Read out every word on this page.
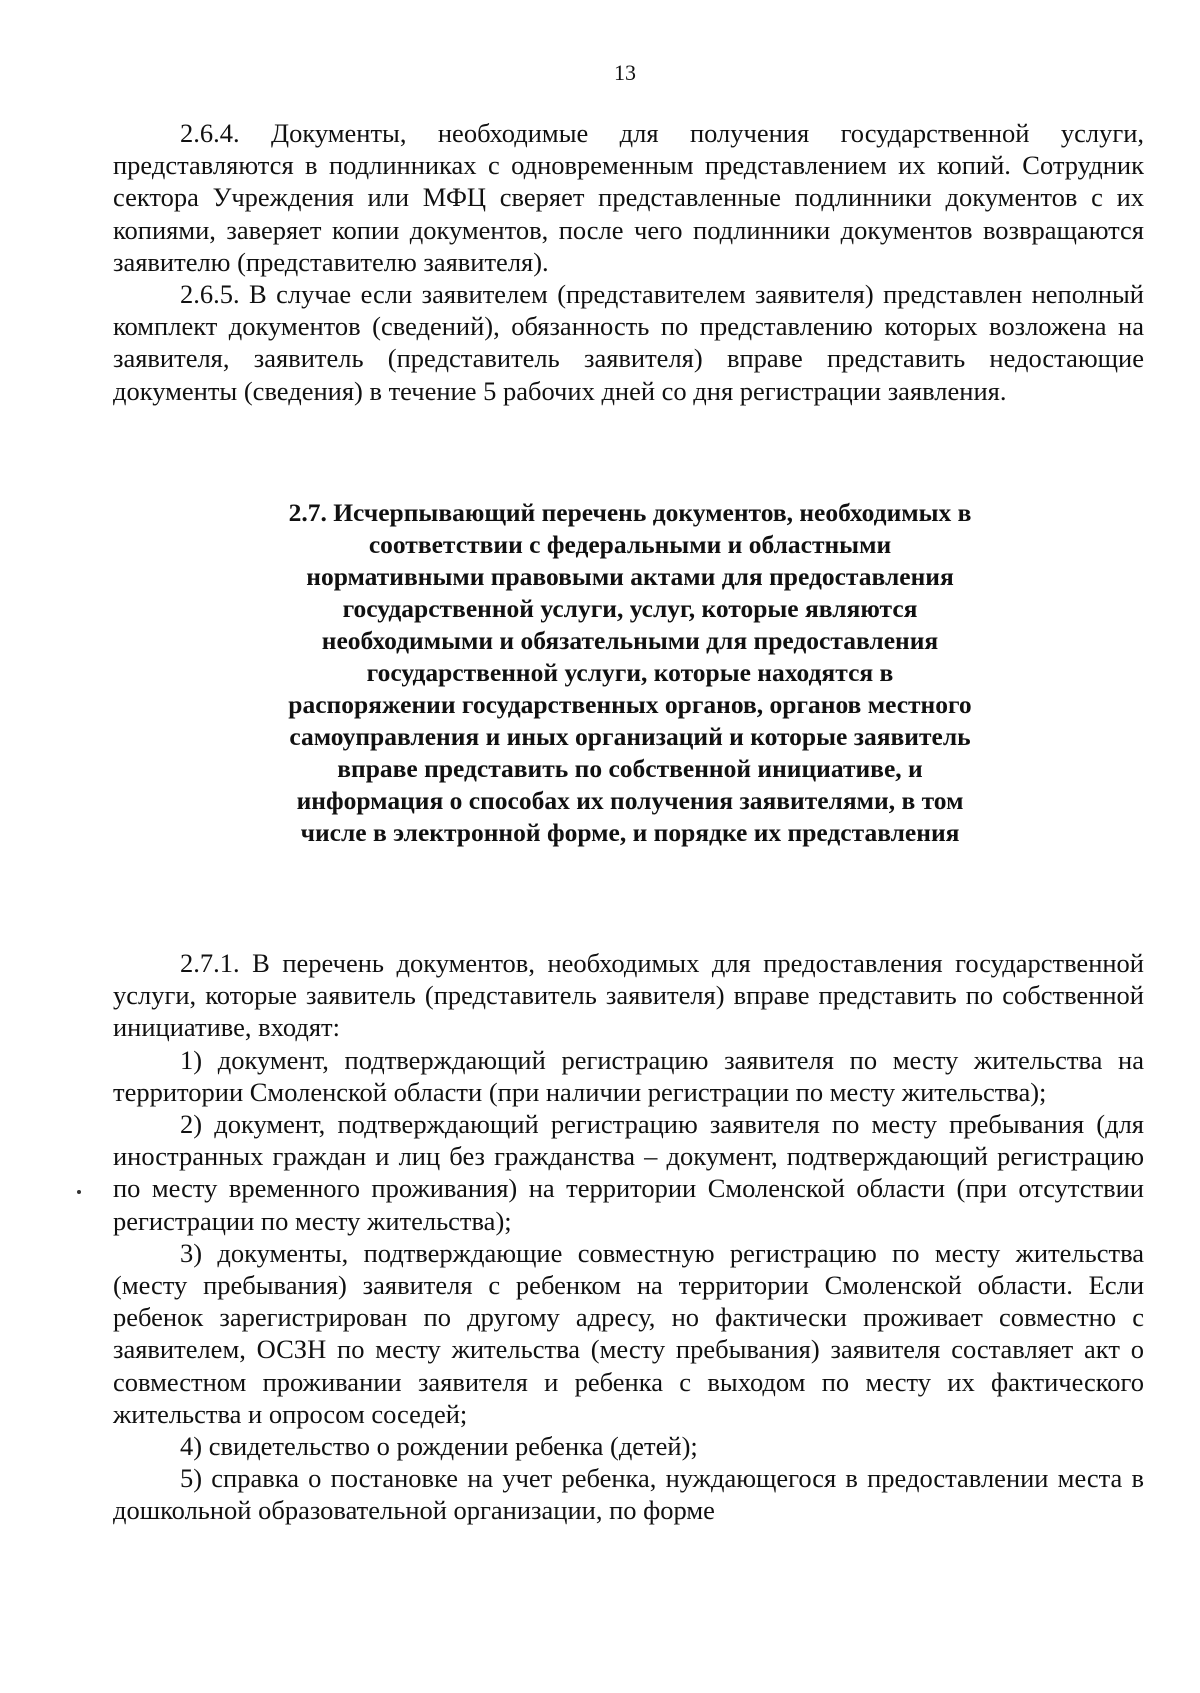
13

2.6.4. Документы, необходимые для получения государственной услуги, представляются в подлинниках с одновременным представлением их копий. Сотрудник сектора Учреждения или МФЦ сверяет представленные подлинники документов с их копиями, заверяет копии документов, после чего подлинники документов возвращаются заявителю (представителю заявителя).

2.6.5. В случае если заявителем (представителем заявителя) представлен неполный комплект документов (сведений), обязанность по представлению которых возложена на заявителя, заявитель (представитель заявителя) вправе представить недостающие документы (сведения) в течение 5 рабочих дней со дня регистрации заявления.

2.7. Исчерпывающий перечень документов, необходимых в соответствии с федеральными и областными нормативными правовыми актами для предоставления государственной услуги, услуг, которые являются необходимыми и обязательными для предоставления государственной услуги, которые находятся в распоряжении государственных органов, органов местного самоуправления и иных организаций и которые заявитель вправе представить по собственной инициативе, и информация о способах их получения заявителями, в том числе в электронной форме, и порядке их представления

2.7.1. В перечень документов, необходимых для предоставления государственной услуги, которые заявитель (представитель заявителя) вправе представить по собственной инициативе, входят:

1) документ, подтверждающий регистрацию заявителя по месту жительства на территории Смоленской области (при наличии регистрации по месту жительства);

2) документ, подтверждающий регистрацию заявителя по месту пребывания (для иностранных граждан и лиц без гражданства – документ, подтверждающий регистрацию по месту временного проживания) на территории Смоленской области (при отсутствии регистрации по месту жительства);

3) документы, подтверждающие совместную регистрацию по месту жительства (месту пребывания) заявителя с ребенком на территории Смоленской области. Если ребенок зарегистрирован по другому адресу, но фактически проживает совместно с заявителем, ОСЗН по месту жительства (месту пребывания) заявителя составляет акт о совместном проживании заявителя и ребенка с выходом по месту их фактического жительства и опросом соседей;

4) свидетельство о рождении ребенка (детей);

5) справка о постановке на учет ребенка, нуждающегося в предоставлении места в дошкольной образовательной организации, по форме
